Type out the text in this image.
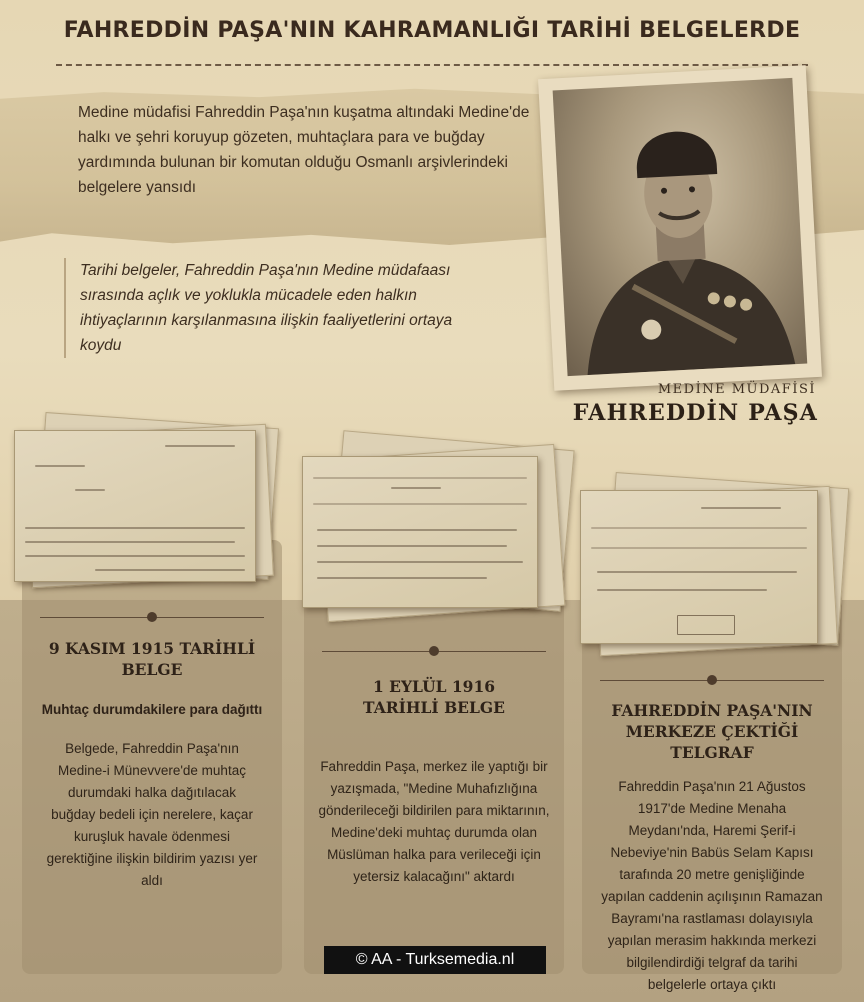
FAHREDDİN PAŞA'NIN KAHRAMANLIĞI TARİHİ BELGELERDE
Medine müdafisi Fahreddin Paşa'nın kuşatma altındaki Medine'de halkı ve şehri koruyup gözeten, muhtaçlara para ve buğday yardımında bulunan bir komutan olduğu Osmanlı arşivlerindeki belgelere yansıdı
Tarihi belgeler, Fahreddin Paşa'nın Medine müdafaası sırasında açlık ve yoklukla mücadele eden halkın ihtiyaçlarının karşılanmasına ilişkin faaliyetlerini ortaya koydu
MEDİNE MÜDAFİSİ
FAHREDDİN PAŞA
9 KASIM 1915 TARİHLİ BELGE
Muhtaç durumdakilere para dağıttı
Belgede, Fahreddin Paşa'nın Medine-i Münevvere'de muhtaç durumdaki halka dağıtılacak buğday bedeli için nerelere, kaçar kuruşluk havale ödenmesi gerektiğine ilişkin bildirim yazısı yer aldı
1 EYLÜL 1916 TARİHLİ BELGE
Fahreddin Paşa, merkez ile yaptığı bir yazışmada, "Medine Muhafızlığına gönderileceği bildirilen para miktarının, Medine'deki muhtaç durumda olan Müslüman halka para verileceği için yetersiz kalacağını" aktardı
FAHREDDİN PAŞA'NIN MERKEZE ÇEKTİĞİ TELGRAF
Fahreddin Paşa'nın 21 Ağustos 1917'de Medine Menaha Meydanı'nda, Haremi Şerif-i Nebeviye'nin Babüs Selam Kapısı tarafında 20 metre genişliğinde yapılan caddenin açılışının Ramazan Bayramı'na rastlaması dolayısıyla yapılan merasim hakkında merkezi bilgilendirdiği telgraf da tarihi belgelerle ortaya çıktı
© AA - Turksemedia.nl
